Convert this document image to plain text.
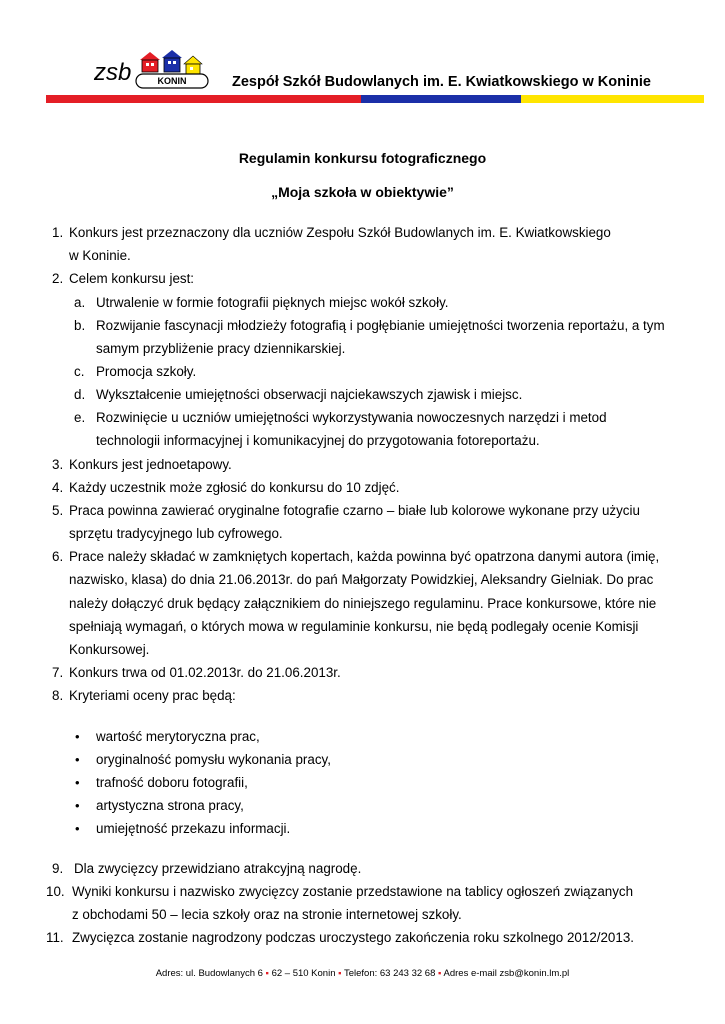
KONIN
zsb	Zespół Szkół Budowlanych im. E. Kwiatkowskiego w Koninie
Regulamin konkursu fotograficznego
„Moja szkoła w obiektywie”
1. Konkurs jest przeznaczony dla uczniów Zespołu Szkół Budowlanych im. E. Kwiatkowskiego
w Koninie.
2. Celem konkursu jest:
a. Utrwalenie w formie fotografii pięknych miejsc wokół szkoły.
b. Rozwijanie fascynacji młodzieży fotografią i pogłębianie umiejętności tworzenia reportażu, a tym
samym przybliżenie pracy dziennikarskiej.
c. Promocja szkoły.
d. Wykształcenie umiejętności obserwacji najciekawszych zjawisk i miejsc.
e. Rozwinięcie u uczniów umiejętności wykorzystywania nowoczesnych narzędzi i metod
technologii informacyjnej i komunikacyjnej do przygotowania fotoreportażu.
3. Konkurs jest jednoetapowy.
4. Każdy uczestnik może zgłosić do konkursu do 10 zdjęć.
5. Praca powinna zawierać oryginalne fotografie czarno – białe lub kolorowe wykonane przy użyciu
sprzętu tradycyjnego lub cyfrowego.
6. Prace należy składać w zamkniętych kopertach, każda powinna być opatrzona danymi autora (imię,
nazwisko, klasa) do dnia 21.06.2013r. do pań Małgorzaty Powidzkiej, Aleksandry Gielniak. Do prac
należy dołączyć druk będący załącznikiem do niniejszego regulaminu. Prace konkursowe, które nie
spełniają wymagań, o których mowa w regulaminie konkursu, nie będą podlegały ocenie Komisji
Konkursowej.
7. Konkurs trwa od 01.02.2013r. do 21.06.2013r.
8. Kryteriami oceny prac będą:
• wartość merytoryczna prac,
• oryginalność pomysłu wykonania pracy,
• trafność doboru fotografii,
• artystyczna strona pracy,
• umiejętność przekazu informacji.
9. Dla zwycięzcy przewidziano atrakcyjną nagrodę.
10. Wyniki konkursu i nazwisko zwycięzcy zostanie przedstawione na tablicy ogłoszeń związanych
z obchodami 50 – lecia szkoły oraz na stronie internetowej szkoły.
11. Zwycięzca zostanie nagrodzony podczas uroczystego zakończenia roku szkolnego 2012/2013.
Adres: ul. Budowlanych 6 ▪ 62 – 510 Konin ▪ Telefon: 63 243 32 68 ▪ Adres e-mail zsb@konin.lm.pl
